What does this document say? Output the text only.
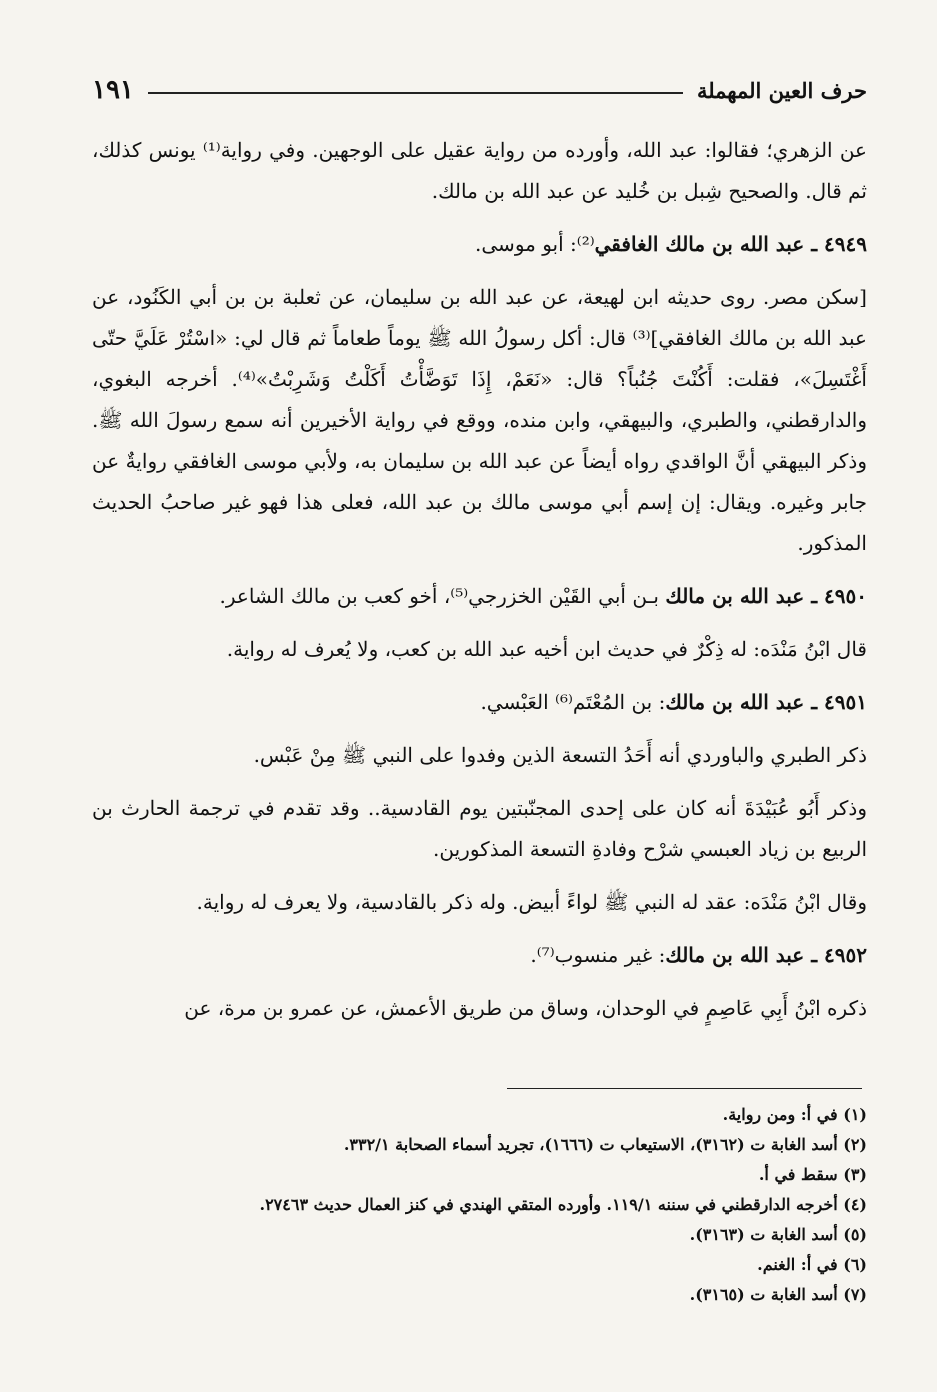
حرف العين المهملة
١٩١

عن الزهري؛ فقالوا: عبد الله، وأورده من رواية عقيل على الوجهين. وفي رواية⁽¹⁾ يونس كذلك، ثم قال. والصحيح شِبل بن خُليد عن عبد الله بن مالك.

٤٩٤٩ ـ عبد الله بن مالك الغافقي⁽²⁾: أبو موسى.

[سكن مصر. روى حديثه ابن لهيعة، عن عبد الله بن سليمان، عن ثعلبة بن بن أبي الكَنُود، عن عبد الله بن مالك الغافقي]⁽³⁾ قال: أكل رسولُ الله ﷺ يوماً طعاماً ثم قال لي: «اسْتُرْ عَلَيَّ حتّى أَغْتَسِلَ»، فقلت: أَكُنْتَ جُنُباً؟ قال: «نَعَمْ، إِذَا تَوَضَّأْتُ أَكَلْتُ وَشَرِبْتُ»⁽⁴⁾. أخرجه البغوي، والدارقطني، والطبري، والبيهقي، وابن منده، ووقع في رواية الأخيرين أنه سمع رسولَ الله ﷺ. وذكر البيهقي أنَّ الواقدي رواه أيضاً عن عبد الله بن سليمان به، ولأبي موسى الغافقي روايةٌ عن جابر وغيره. ويقال: إن إسم أبي موسى مالك بن عبد الله، فعلى هذا فهو غير صاحبُ الحديث المذكور.

٤٩٥٠ ـ عبد الله بن مالك بـن أبي القَيْن الخزرجي⁽⁵⁾، أخو كعب بن مالك الشاعر.

قال ابْنُ مَنْدَه: له ذِكْرٌ في حديث ابن أخيه عبد الله بن كعب، ولا يُعرف له رواية.

٤٩٥١ ـ عبد الله بن مالك: بن المُعْتَم⁽⁶⁾ العَبْسي.

ذكر الطبري والباوردي أنه أَحَدُ التسعة الذين وفدوا على النبي ﷺ مِنْ عَبْس.

وذكر أَبُو عُبَيْدَةَ أنه كان على إحدى المجنّبتين يوم القادسية.. وقد تقدم في ترجمة الحارث بن الربيع بن زياد العبسي شرْح وفادةِ التسعة المذكورين.

وقال ابْنُ مَنْدَه: عقد له النبي ﷺ لواءً أبيض. وله ذكر بالقادسية، ولا يعرف له رواية.

٤٩٥٢ ـ عبد الله بن مالك: غير منسوب⁽⁷⁾.

ذكره ابْنُ أَبِي عَاصِمٍ في الوحدان، وساق من طريق الأعمش، عن عمرو بن مرة، عن

(١) في أ: ومن رواية.
(٢) أسد الغابة ت (٣١٦٢)، الاستيعاب ت (١٦٦٦)، تجريد أسماء الصحابة ٣٣٢/١.
(٣) سقط في أ.
(٤) أخرجه الدارقطني في سننه ١١٩/١. وأورده المتقي الهندي في كنز العمال حديث ٢٧٤٦٣.
(٥) أسد الغابة ت (٣١٦٣).
(٦) في أ: الغنم.
(٧) أسد الغابة ت (٣١٦٥).
